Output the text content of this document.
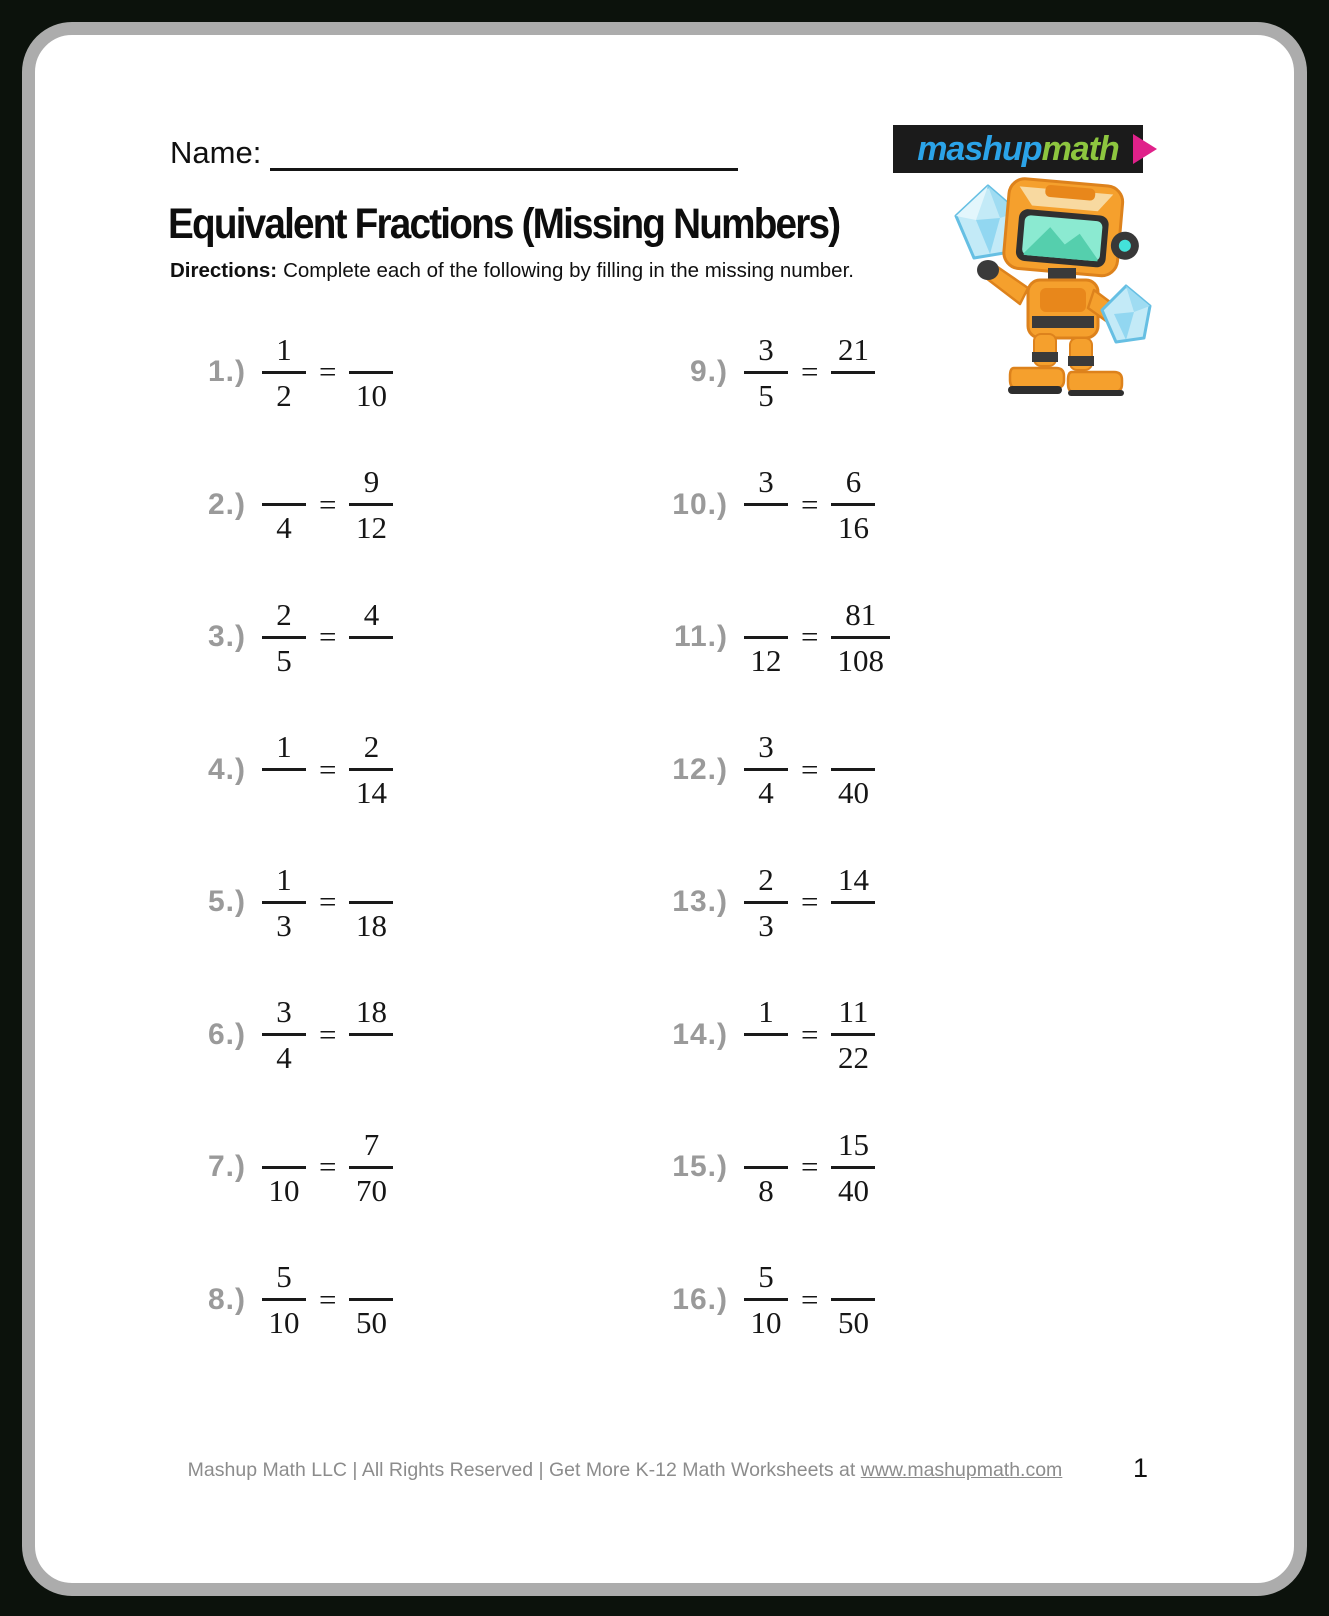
Name:	mashupmath
Equivalent Fractions (Missing Numbers)

Directions: Complete each of the following by filling in the missing number.

$1.) \frac{1}{2}$ =
10
2.)
4
= $\frac{9}{12}$
$3.) \frac{2}{5}$ =
4
4.)
1
= $\frac{2}{14}$
$5.) \frac{1}{3}$ =
18
$6.) \frac{3}{4}$ =
18
7.)
10
= $\frac{7}{70}$
$8.) \frac{5}{10}$ =
50
$9.) \frac{3}{5}$ =
21
10.)
3
= $\frac{6}{16}$
11.)
12
= $\frac{81}{108}$
$12.) \frac{3}{4}$ =
40
$13.) \frac{2}{3}$ =
14
14.)
1
= $\frac{11}{22}$
15.)
8
= $\frac{15}{40}$
$16.) \frac{5}{10}$ =
50
Mashup Math LLC | All Rights Reserved | Get More K-12 Math Worksheets at www.mashupmath.com	1
